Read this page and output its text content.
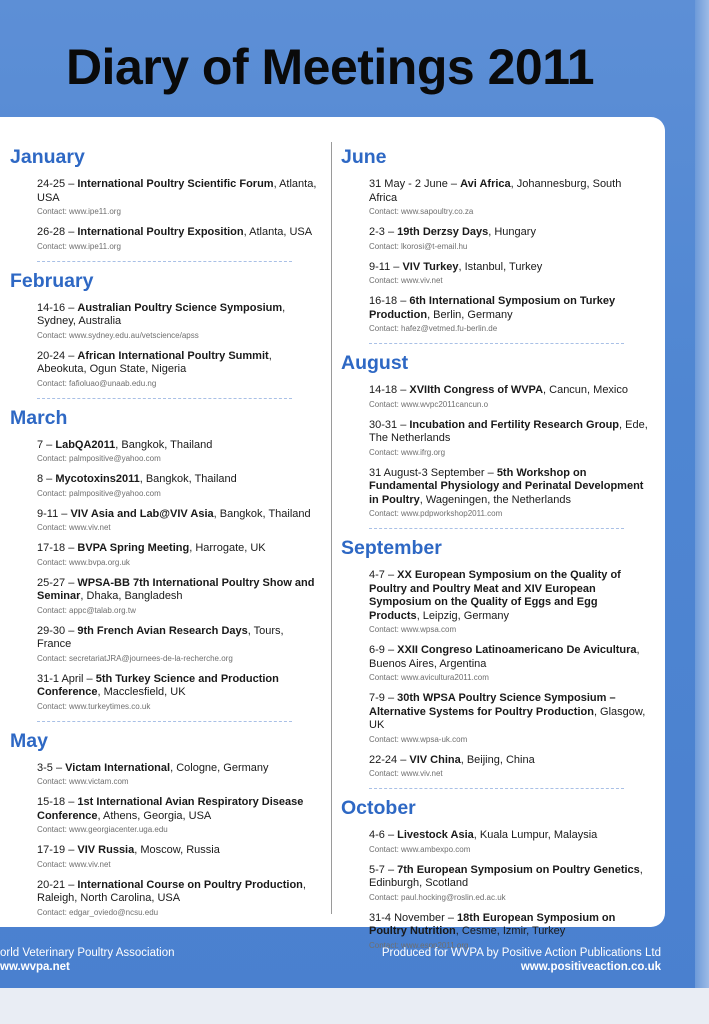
Diary of Meetings 2011
January
24-25 – International Poultry Scientific Forum, Atlanta, USA
Contact: www.ipe11.org
26-28 – International Poultry Exposition, Atlanta, USA
Contact: www.ipe11.org
February
14-16 – Australian Poultry Science Symposium, Sydney, Australia
Contact: www.sydney.edu.au/vetscience/apss
20-24 – African International Poultry Summit, Abeokuta, Ogun State, Nigeria
Contact: fafioluao@unaab.edu.ng
March
7 – LabQA2011, Bangkok, Thailand
Contact: palmpositive@yahoo.com
8 – Mycotoxins2011, Bangkok, Thailand
Contact: palmpositive@yahoo.com
9-11 – VIV Asia and Lab@VIV Asia, Bangkok, Thailand
Contact: www.viv.net
17-18 – BVPA Spring Meeting, Harrogate, UK
Contact: www.bvpa.org.uk
25-27 – WPSA-BB 7th International Poultry Show and Seminar, Dhaka, Bangladesh
Contact: appc@talab.org.tw
29-30 – 9th French Avian Research Days, Tours, France
Contact: secretariatJRA@journees-de-la-recherche.org
31-1 April – 5th Turkey Science and Production Conference, Macclesfield, UK
Contact: www.turkeytimes.co.uk
May
3-5 – Victam International, Cologne, Germany
Contact: www.victam.com
15-18 – 1st International Avian Respiratory Disease Conference, Athens, Georgia, USA
Contact: www.georgiacenter.uga.edu
17-19 – VIV Russia, Moscow, Russia
Contact: www.viv.net
20-21 – International Course on Poultry Production, Raleigh, North Carolina, USA
Contact: edgar_oviedo@ncsu.edu
June
31 May - 2 June – Avi Africa, Johannesburg, South Africa
Contact: www.sapoultry.co.za
2-3 – 19th Derzsy Days, Hungary
Contact: lkorosi@t-email.hu
9-11 – VIV Turkey, Istanbul, Turkey
Contact: www.viv.net
16-18 – 6th International Symposium on Turkey Production, Berlin, Germany
Contact: hafez@vetmed.fu-berlin.de
August
14-18 – XVIIth Congress of WVPA, Cancun, Mexico
Contact: www.wvpc2011cancun.o
30-31 – Incubation and Fertility Research Group, Ede, The Netherlands
Contact: www.ifrg.org
31 August-3 September – 5th Workshop on Fundamental Physiology and Perinatal Development in Poultry, Wageningen, the Netherlands
Contact: www.pdpworkshop2011.com
September
4-7 – XX European Symposium on the Quality of Poultry and Poultry Meat and XIV European Symposium on the Quality of Eggs and Egg Products, Leipzig, Germany
Contact: www.wpsa.com
6-9 – XXII Congreso Latinoamericano De Avicultura, Buenos Aires, Argentina
Contact: www.avicultura2011.com
7-9 – 30th WPSA Poultry Science Symposium – Alternative Systems for Poultry Production, Glasgow, UK
Contact: www.wpsa-uk.com
22-24 – VIV China, Beijing, China
Contact: www.viv.net
October
4-6 – Livestock Asia, Kuala Lumpur, Malaysia
Contact: www.ambexpo.com
5-7 – 7th European Symposium on Poultry Genetics, Edinburgh, Scotland
Contact: paul.hocking@roslin.ed.ac.uk
31-4 November – 18th European Symposium on Poultry Nutrition, Cesme, Izmir, Turkey
Contact: www.espn2011.org
orld Veterinary Poultry Association
ww.wvpa.net
Produced for WVPA by Positive Action Publications Ltd
www.positiveaction.co.uk
